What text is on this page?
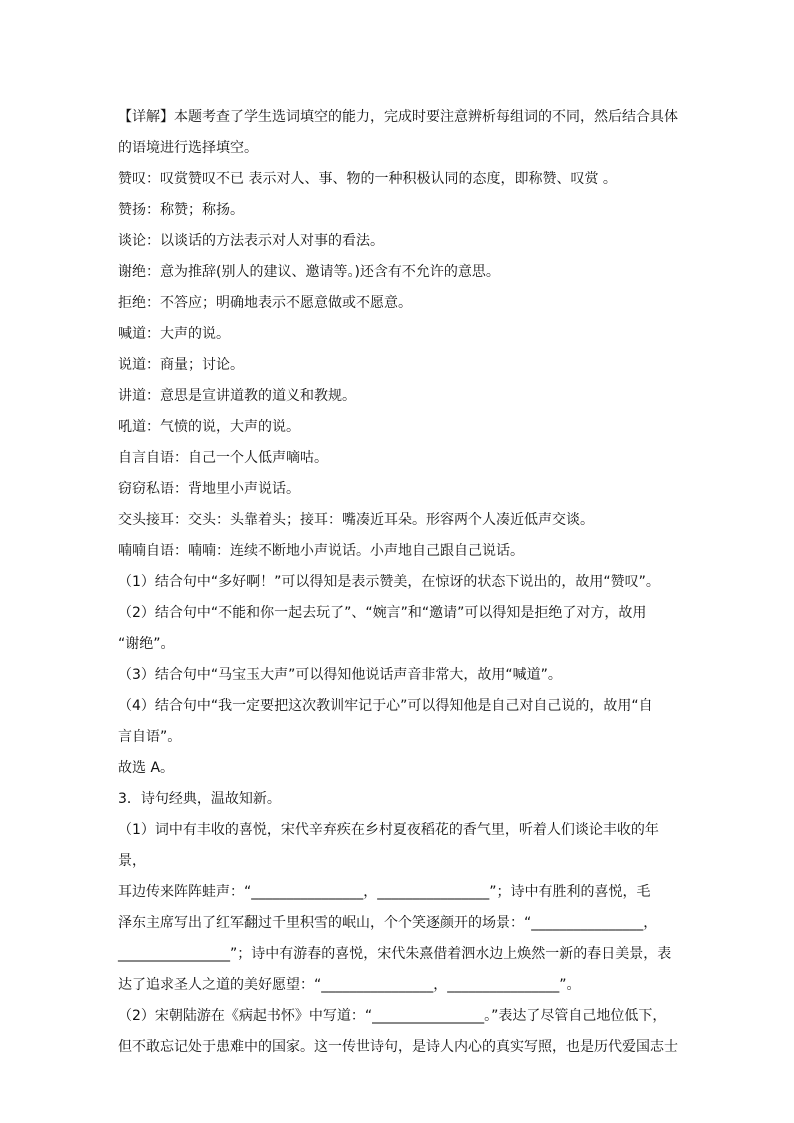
【详解】本题考查了学生选词填空的能力，完成时要注意辨析每组词的不同，然后结合具体

的语境进行选择填空。

赞叹：叹赏赞叹不已 表示对人、事、物的一种积极认同的态度，即称赞、叹赏 。

赞扬：称赞；称扬。

谈论：以谈话的方法表示对人对事的看法。

谢绝：意为推辞(别人的建议、邀请等。)还含有不允许的意思。

拒绝：不答应；明确地表示不愿意做或不愿意。

喊道：大声的说。

说道：商量；讨论。

讲道：意思是宣讲道教的道义和教规。

吼道：气愤的说，大声的说。

自言自语：自己一个人低声嘀咕。

窃窃私语：背地里小声说话。

交头接耳：交头：头靠着头；接耳：嘴凑近耳朵。形容两个人凑近低声交谈。

喃喃自语：喃喃：连续不断地小声说话。小声地自己跟自己说话。

（1）结合句中“多好啊！”可以得知是表示赞美，在惊讶的状态下说出的，故用“赞叹”。

（2）结合句中“不能和你一起去玩了”、“婉言”和“邀请”可以得知是拒绝了对方，故用

“谢绝”。

（3）结合句中“马宝玉大声”可以得知他说话声音非常大，故用“喊道”。

（4）结合句中“我一定要把这次教训牢记于心”可以得知他是自己对自己说的，故用“自

言自语”。

故选 A。

3．诗句经典，温故知新。

（1）词中有丰收的喜悦，宋代辛弃疾在乡村夏夜稻花的香气里，听着人们谈论丰收的年景，

耳边传来阵阵蛙声：“________________，________________”；诗中有胜利的喜悦，毛

泽东主席写出了红军翻过千里积雪的岷山，个个笑逐颜开的场景：“________________，

________________”；诗中有游春的喜悦，宋代朱熹借着泗水边上焕然一新的春日美景，表

达了追求圣人之道的美好愿望：“________________，________________”。

（2）宋朝陆游在《病起书怀》中写道：“________________。”表达了尽管自己地位低下，

但不敢忘记处于患难中的国家。这一传世诗句，是诗人内心的真实写照，也是历代爱国志士
